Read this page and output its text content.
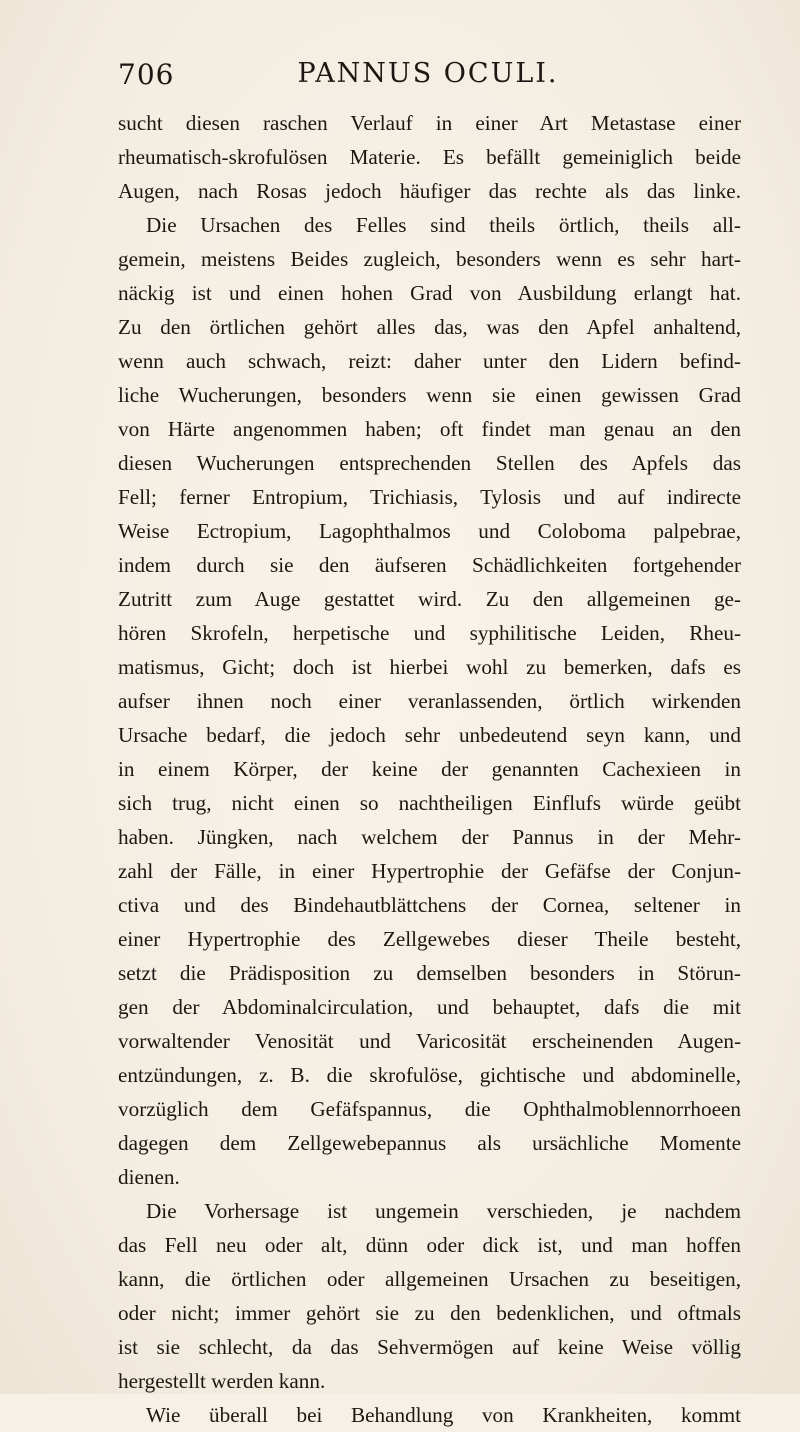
706	PANNUS OCULI.
sucht diesen raschen Verlauf in einer Art Metastase einer
rheumatisch-skrofulösen Materie. Es befällt gemeiniglich beide
Augen, nach Rosas jedoch häufiger das rechte als das linke.
Die Ursachen des Felles sind theils örtlich, theils all-
gemein, meistens Beides zugleich, besonders wenn es sehr hart-
näckig ist und einen hohen Grad von Ausbildung erlangt hat.
Zu den örtlichen gehört alles das, was den Apfel anhaltend,
wenn auch schwach, reizt: daher unter den Lidern befind-
liche Wucherungen, besonders wenn sie einen gewissen Grad
von Härte angenommen haben; oft findet man genau an den
diesen Wucherungen entsprechenden Stellen des Apfels das
Fell; ferner Entropium, Trichiasis, Tylosis und auf indirecte
Weise Ectropium, Lagophthalmos und Coloboma palpebrae,
indem durch sie den äufseren Schädlichkeiten fortgehender
Zutritt zum Auge gestattet wird. Zu den allgemeinen ge-
hören Skrofeln, herpetische und syphilitische Leiden, Rheu-
matismus, Gicht; doch ist hierbei wohl zu bemerken, dafs es
aufser ihnen noch einer veranlassenden, örtlich wirkenden
Ursache bedarf, die jedoch sehr unbedeutend seyn kann, und
in einem Körper, der keine der genannten Cachexieen in
sich trug, nicht einen so nachtheiligen Einflufs würde geübt
haben. Jüngken, nach welchem der Pannus in der Mehr-
zahl der Fälle, in einer Hypertrophie der Gefäfse der Conjun-
ctiva und des Bindehautblättchens der Cornea, seltener in
einer Hypertrophie des Zellgewebes dieser Theile besteht,
setzt die Prädisposition zu demselben besonders in Störun-
gen der Abdominalcirculation, und behauptet, dafs die mit
vorwaltender Venosität und Varicosität erscheinenden Augen-
entzündungen, z. B. die skrofulöse, gichtische und abdominelle,
vorzüglich dem Gefäfspannus, die Ophthalmoblennorrhoeen
dagegen dem Zellgewebepannus als ursächliche Momente
dienen.
Die Vorhersage ist ungemein verschieden, je nachdem
das Fell neu oder alt, dünn oder dick ist, und man hoffen
kann, die örtlichen oder allgemeinen Ursachen zu beseitigen,
oder nicht; immer gehört sie zu den bedenklichen, und oftmals
ist sie schlecht, da das Sehvermögen auf keine Weise völlig
hergestellt werden kann.
Wie überall bei Behandlung von Krankheiten, kommt
